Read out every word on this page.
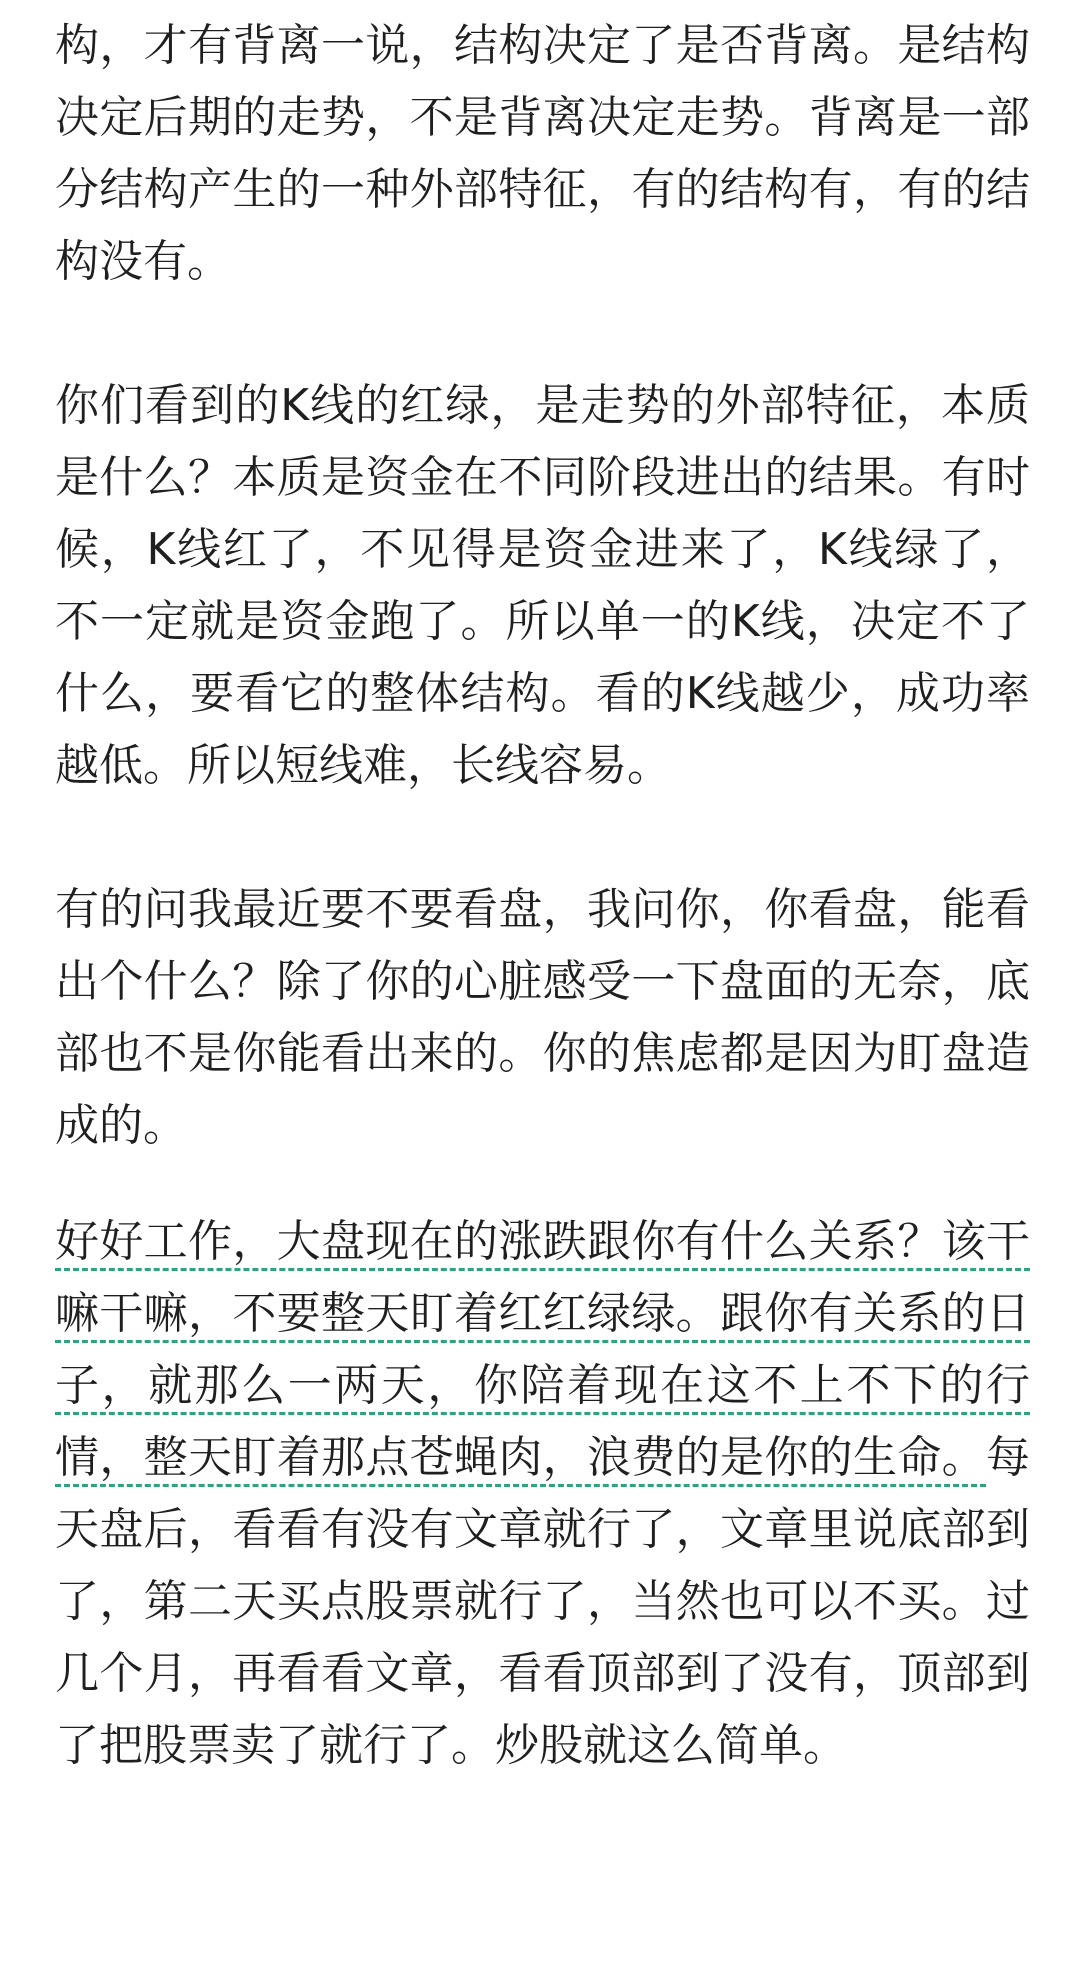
构，才有背离一说，结构决定了是否背离。是结构决定后期的走势，不是背离决定走势。背离是一部分结构产生的一种外部特征，有的结构有，有的结构没有。

你们看到的K线的红绿，是走势的外部特征，本质是什么？本质是资金在不同阶段进出的结果。有时候，K线红了，不见得是资金进来了，K线绿了，不一定就是资金跑了。所以单一的K线，决定不了什么，要看它的整体结构。看的K线越少，成功率越低。所以短线难，长线容易。

有的问我最近要不要看盘，我问你，你看盘，能看出个什么？除了你的心脏感受一下盘面的无奈，底部也不是你能看出来的。你的焦虑都是因为盯盘造成的。

好好工作，大盘现在的涨跌跟你有什么关系？该干嘛干嘛，不要整天盯着红红绿绿。跟你有关系的日子，就那么一两天，你陪着现在这不上不下的行情，整天盯着那点苍蝇肉，浪费的是你的生命。每天盘后，看看有没有文章就行了，文章里说底部到了，第二天买点股票就行了，当然也可以不买。过几个月，再看看文章，看看顶部到了没有，顶部到了把股票卖了就行了。炒股就这么简单。
